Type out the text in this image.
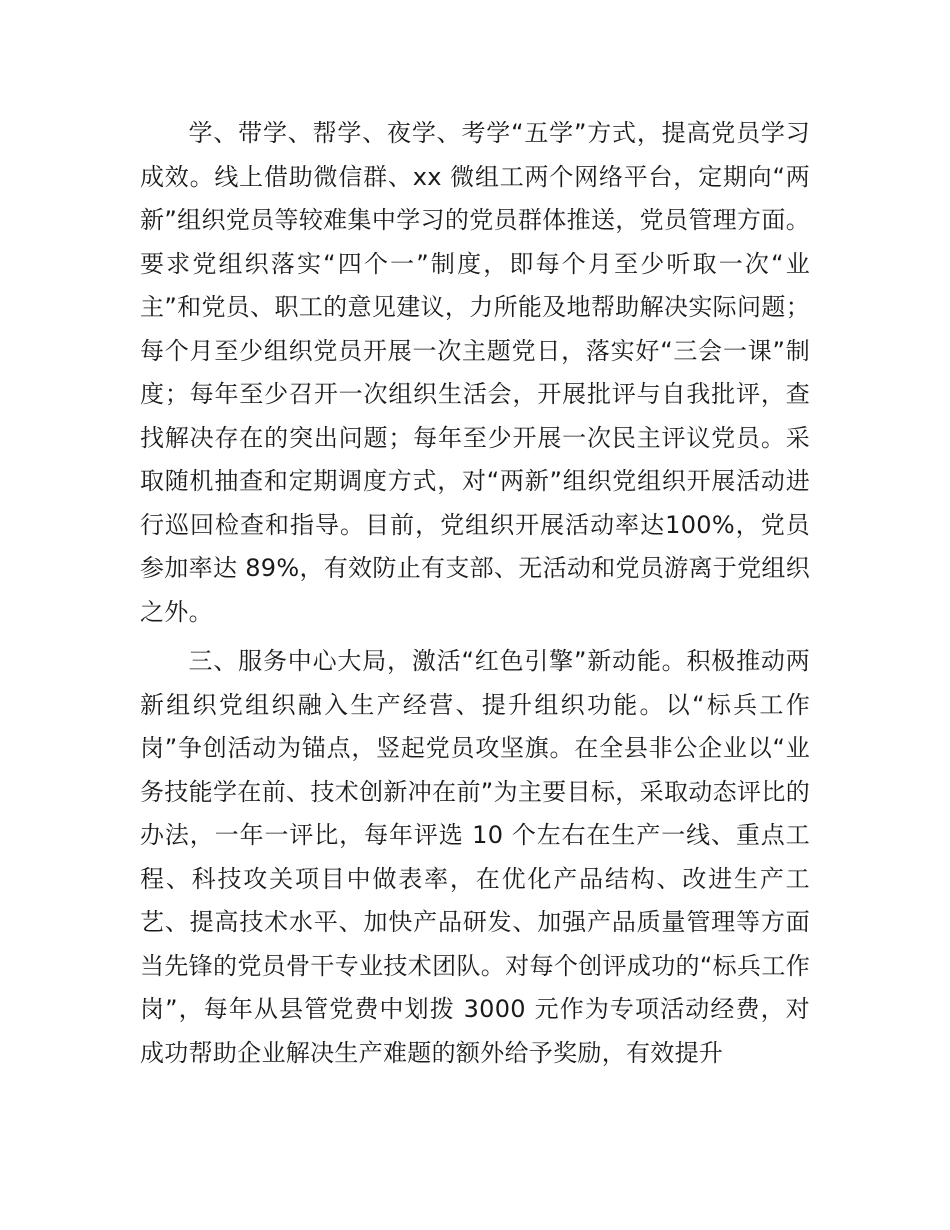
学、带学、帮学、夜学、考学“五学”方式，提高党员学习成效。线上借助微信群、xx 微组工两个网络平台，定期向“两新”组织党员等较难集中学习的党员群体推送，党员管理方面。要求党组织落实“四个一”制度，即每个月至少听取一次“业主”和党员、职工的意见建议，力所能及地帮助解决实际问题；每个月至少组织党员开展一次主题党日，落实好“三会一课”制度；每年至少召开一次组织生活会，开展批评与自我批评，查找解决存在的突出问题；每年至少开展一次民主评议党员。采取随机抽查和定期调度方式，对“两新”组织党组织开展活动进行巡回检查和指导。目前，党组织开展活动率达100%，党员参加率达 89%，有效防止有支部、无活动和党员游离于党组织之外。
三、服务中心大局，激活“红色引擎”新动能。积极推动两新组织党组织融入生产经营、提升组织功能。以“标兵工作岗”争创活动为锚点，竖起党员攻坚旗。在全县非公企业以“业务技能学在前、技术创新冲在前”为主要目标，采取动态评比的办法，一年一评比，每年评选 10 个左右在生产一线、重点工程、科技攻关项目中做表率，在优化产品结构、改进生产工艺、提高技术水平、加快产品研发、加强产品质量管理等方面当先锋的党员骨干专业技术团队。对每个创评成功的“标兵工作岗”，每年从县管党费中划拨 3000 元作为专项活动经费，对成功帮助企业解决生产难题的额外给予奖励，有效提升
